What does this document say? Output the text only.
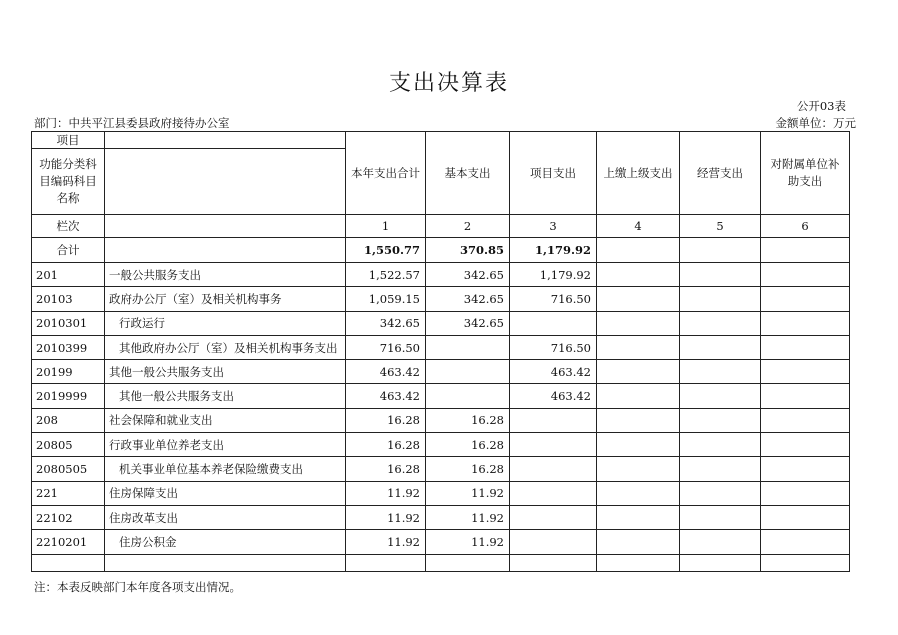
支出决算表
公开03表
部门：中共平江县委县政府接待办公室	金额单位：万元
项目		本年支出合计	基本支出	项目支出	上缴上级支出	经营支出	对附属单位补助支出
功能分类科目编码科目名称							
栏次		1	2	3	4	5	6
合计		1,550.77	370.85	1,179.92			
201	一般公共服务支出	1,522.57	342.65	1,179.92			
20103	政府办公厅（室）及相关机构事务	1,059.15	342.65	716.50			
2010301	行政运行	342.65	342.65				
2010399	其他政府办公厅（室）及相关机构事务支出	716.50		716.50			
20199	其他一般公共服务支出	463.42		463.42			
2019999	其他一般公共服务支出	463.42		463.42			
208	社会保障和就业支出	16.28	16.28				
20805	行政事业单位养老支出	16.28	16.28				
2080505	机关事业单位基本养老保险缴费支出	16.28	16.28				
221	住房保障支出	11.92	11.92				
22102	住房改革支出	11.92	11.92				
2210201	住房公积金	11.92	11.92				

注：本表反映部门本年度各项支出情况。
